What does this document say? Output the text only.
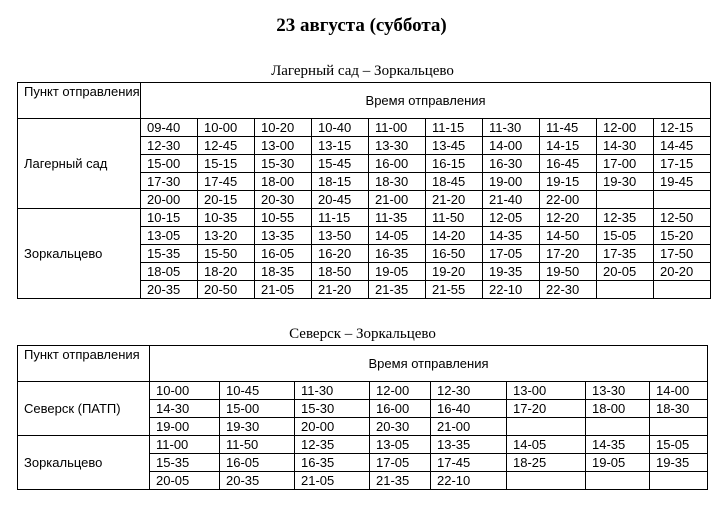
23 августа (суббота)
Лагерный сад – Зоркальцево
Пункт отправления	Время отправления									
Лагерный сад	09-40	10-00	10-20	10-40	11-00	11-15	11-30	11-45	12-00	12-15
	12-30	12-45	13-00	13-15	13-30	13-45	14-00	14-15	14-30	14-45
	15-00	15-15	15-30	15-45	16-00	16-15	16-30	16-45	17-00	17-15
	17-30	17-45	18-00	18-15	18-30	18-45	19-00	19-15	19-30	19-45
	20-00	20-15	20-30	20-45	21-00	21-20	21-40	22-00		
Зоркальцево	10-15	10-35	10-55	11-15	11-35	11-50	12-05	12-20	12-35	12-50
	13-05	13-20	13-35	13-50	14-05	14-20	14-35	14-50	15-05	15-20
	15-35	15-50	16-05	16-20	16-35	16-50	17-05	17-20	17-35	17-50
	18-05	18-20	18-35	18-50	19-05	19-20	19-35	19-50	20-05	20-20
	20-35	20-50	21-05	21-20	21-35	21-55	22-10	22-30		
Северск – Зоркальцево
Пункт отправления	Время отправления							
Северск (ПАТП)	10-00	10-45	11-30	12-00	12-30	13-00	13-30	14-00
	14-30	15-00	15-30	16-00	16-40	17-20	18-00	18-30
	19-00	19-30	20-00	20-30	21-00			
Зоркальцево	11-00	11-50	12-35	13-05	13-35	14-05	14-35	15-05
	15-35	16-05	16-35	17-05	17-45	18-25	19-05	19-35
	20-05	20-35	21-05	21-35	22-10			
